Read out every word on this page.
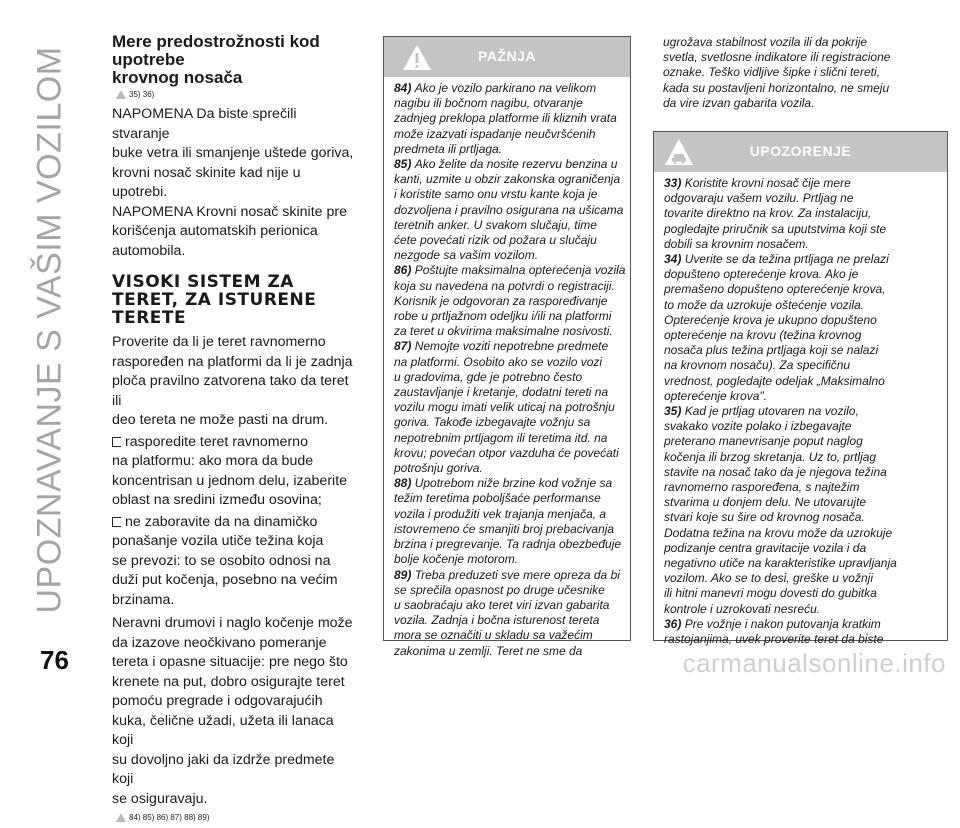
UPOZNAVANJE S VAŠIM VOZILOM
Mere predostrožnosti kod upotrebe
krovnog nosača
35) 36)
NAPOMENA Da biste sprečili stvaranje
buke vetra ili smanjenje uštede goriva,
krovni nosač skinite kad nije u upotrebi.
NAPOMENA Krovni nosač skinite pre
korišćenja automatskih perionica
automobila.
VISOKI SISTEM ZA
TERET, ZA ISTURENE
TERETE
Proverite da li je teret ravnomerno
raspoređen na platformi da li je zadnja
ploča pravilno zatvorena tako da teret ili
deo tereta ne može pasti na drum.
rasporedite teret ravnomerno
na platformu: ako mora da bude
koncentrisan u jednom delu, izaberite
oblast na sredini između osovina;
ne zaboravite da na dinamičko
ponašanje vozila utiče težina koja
se prevozi: to se osobito odnosi na
duži put kočenja, posebno na većim
brzinama.
Neravni drumovi i naglo kočenje može
da izazove neočkivano pomeranje
tereta i opasne situacije: pre nego što
krenete na put, dobro osigurajte teret
pomoću pregrade i odgovarajućih
kuka, čelične užadi, užeta ili lanaca koji
su dovoljno jaki da izdrže predmete koji
se osiguravaju.
84) 85) 86) 87) 88) 89)
PAŽNJA
84) Ako je vozilo parkirano na velikom
nagibu ili bočnom nagibu, otvaranje
zadnjeg preklopa platforme ili kliznih vrata
može izazvati ispadanje neučvršćenih
predmeta ili prtljaga.
85) Ako želite da nosite rezervu benzina u
kanti, uzmite u obzir zakonska ograničenja
i koristite samo onu vrstu kante koja je
dozvoljena i pravilno osigurana na ušicama
teretnih anker. U svakom slučaju, time
ćete povećati rizik od požara u slučaju
nezgode sa vašim vozilom.
86) Poštujte maksimalna opterećenja vozila
koja su navedena na potvrdi o registraciji.
Korisnik je odgovoran za raspoređivanje
robe u prtljažnom odeljku i/ili na platformi
za teret u okvirima maksimalne nosivosti.
87) Nemojte voziti nepotrebne predmete
na platformi. Osobito ako se vozilo vozi
u gradovima, gde je potrebno često
zaustavljanje i kretanje, dodatni tereti na
vozilu mogu imati velik uticaj na potrošnju
goriva. Takođe izbegavajte vožnju sa
nepotrebnim prtljagom ili teretima itd. na
krovu; povećan otpor vazduha će povećati
potrošnju goriva.
88) Upotrebom niže brzine kod vožnje sa
težim teretima poboljšaće performanse
vozila i produžiti vek trajanja menjača, a
istovremeno će smanjiti broj prebacivanja
brzina i pregrevanje. Ta radnja obezbeđuje
bolje kočenje motorom.
89) Treba preduzeti sve mere opreza da bi
se sprečila opasnost po druge učesnike
u saobraćaju ako teret viri izvan gabarita
vozila. Zadnja i bočna isturenost tereta
mora se označiti u skladu sa važećim
zakonima u zemlji. Teret ne sme da
ugrožava stabilnost vozila ili da pokrije
svetla, svetlosne indikatore ili registracione
oznake. Teško vidljive šipke i slični tereti,
kada su postavljeni horizontalno, ne smeju
da vire izvan gabarita vozila.
UPOZORENJE
33) Koristite krovni nosač čije mere
odgovaraju vašem vozilu. Prtljag ne
tovarite direktno na krov. Za instalaciju,
pogledajte priručnik sa uputstvima koji ste
dobili sa krovnim nosačem.
34) Uverite se da težina prtljaga ne prelazi
dopušteno opterećenje krova. Ako je
premašeno dopušteno opterećenje krova,
to može da uzrokuje oštećenje vozila.
Opterećenje krova je ukupno dopušteno
opterećenje na krovu (težina krovnog
nosača plus težina prtljaga koji se nalazi
na krovnom nosaču). Za specifičnu
vrednost, pogledajte odeljak „Maksimalno
opterećenje krova".
35) Kad je prtljag utovaren na vozilo,
svakako vozite polako i izbegavajte
preterano manevrisanje poput naglog
kočenja ili brzog skretanja. Uz to, prtljag
stavite na nosač tako da je njegova težina
ravnomerno raspoređena, s najtežim
stvarima u donjem delu. Ne utovarujte
stvari koje su šire od krovnog nosača.
Dodatna težina na krovu može da uzrokuje
podizanje centra gravitacije vozila i da
negativno utiče na karakteristike upravljanja
vozilom. Ako se to desi, greške u vožnji
ili hitni manevri mogu dovesti do gubitka
kontrole i uzrokovati nesreću.
36) Pre vožnje i nakon putovanja kratkim
rastojanjima, uvek proverite teret da biste
76	carmanualsonline.info
